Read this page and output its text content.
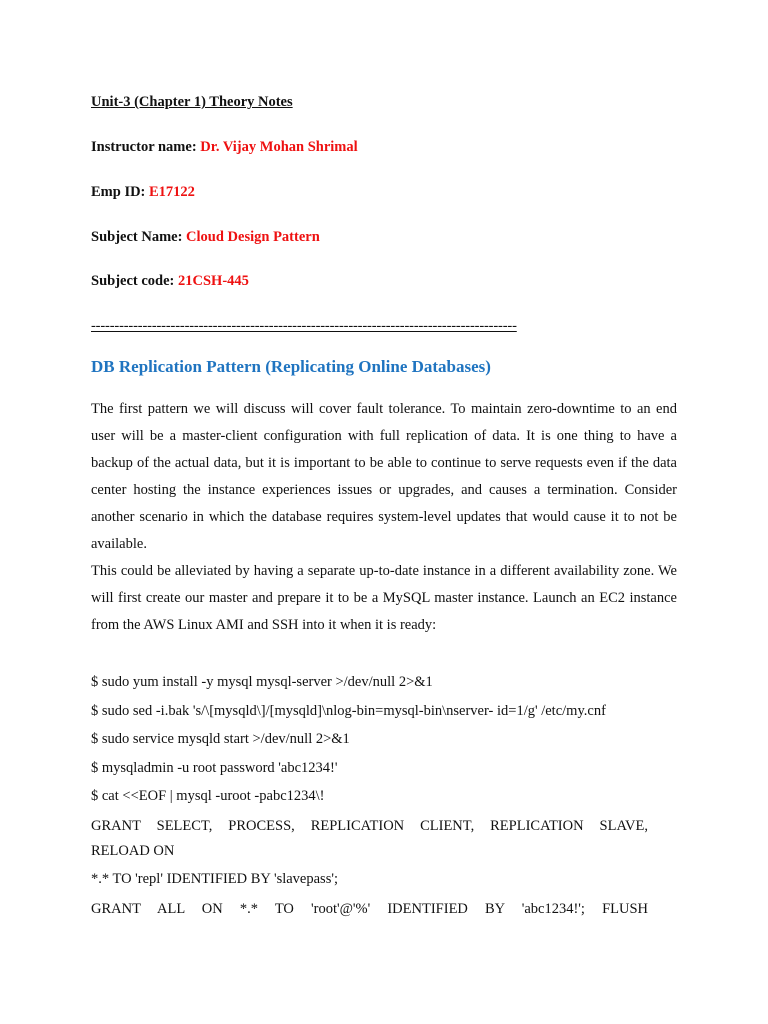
Unit-3 (Chapter 1) Theory Notes
Instructor name: Dr. Vijay Mohan Shrimal
Emp ID: E17122
Subject Name: Cloud Design Pattern
Subject code: 21CSH-445
-------------------------------------------------------------------------------------------
DB Replication Pattern (Replicating Online Databases)
The first pattern we will discuss will cover fault tolerance. To maintain zero-downtime to an end user will be a master-client configuration with full replication of data. It is one thing to have a backup of the actual data, but it is important to be able to continue to serve requests even if the data center hosting the instance experiences issues or upgrades, and causes a termination. Consider another scenario in which the database requires system-level updates that would cause it to not be available.
This could be alleviated by having a separate up-to-date instance in a different availability zone. We will first create our master and prepare it to be a MySQL master instance. Launch an EC2 instance from the AWS Linux AMI and SSH into it when it is ready:
$ sudo yum install -y mysql mysql-server >/dev/null 2>&1
$ sudo sed -i.bak 's/\[mysqld\]/[mysqld]\nlog-bin=mysql-bin\nserver- id=1/g' /etc/my.cnf
$ sudo service mysqld start >/dev/null 2>&1
$ mysqladmin -u root password 'abc1234!'
$ cat <<EOF | mysql -uroot -pabc1234\!
GRANT SELECT, PROCESS, REPLICATION CLIENT, REPLICATION SLAVE,
RELOAD ON
*.* TO 'repl' IDENTIFIED BY 'slavepass';
GRANT ALL ON *.* TO 'root'@'%' IDENTIFIED BY 'abc1234!'; FLUSH
